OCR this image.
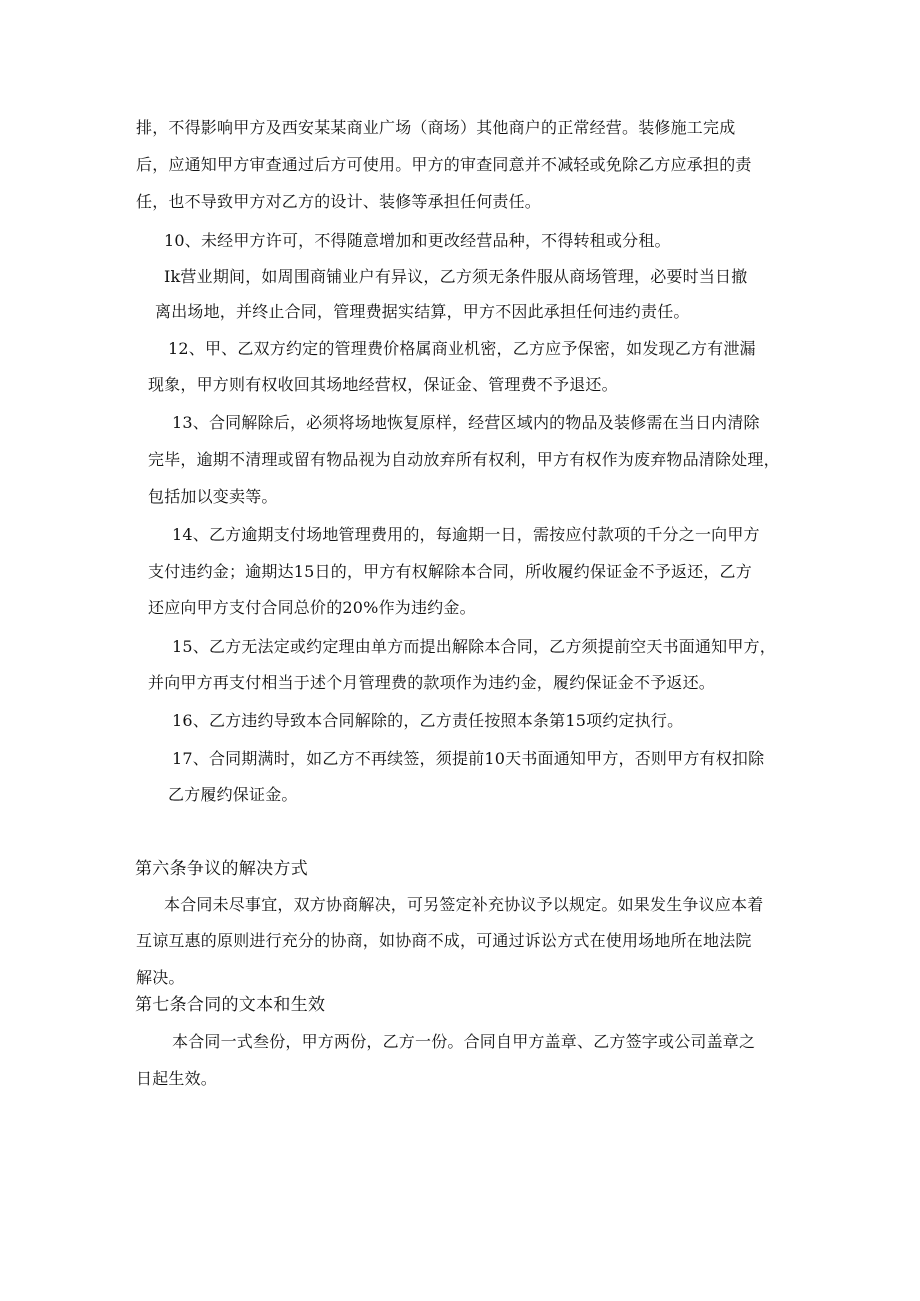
排，不得影响甲方及西安某某商业广场（商场）其他商户的正常经营。装修施工完成
后，应通知甲方审查通过后方可使用。甲方的审查同意并不减轻或免除乙方应承担的责
任，也不导致甲方对乙方的设计、装修等承担任何责任。
10、未经甲方许可，不得随意增加和更改经营品种，不得转租或分租。
Ik营业期间，如周围商铺业户有异议，乙方须无条件服从商场管理，必要时当日撤
离出场地，并终止合同，管理费据实结算，甲方不因此承担任何违约责任。
12、甲、乙双方约定的管理费价格属商业机密，乙方应予保密，如发现乙方有泄漏
现象，甲方则有权收回其场地经营权，保证金、管理费不予退还。
13、合同解除后，必须将场地恢复原样，经营区域内的物品及装修需在当日内清除
完毕，逾期不清理或留有物品视为自动放弃所有权利，甲方有权作为废弃物品清除处理，
包括加以变卖等。
14、乙方逾期支付场地管理费用的，每逾期一日，需按应付款项的千分之一向甲方
支付违约金；逾期达15日的，甲方有权解除本合同，所收履约保证金不予返还，乙方
还应向甲方支付合同总价的20%作为违约金。
15、乙方无法定或约定理由单方而提出解除本合同，乙方须提前空天书面通知甲方，
并向甲方再支付相当于述个月管理费的款项作为违约金，履约保证金不予返还。
16、乙方违约导致本合同解除的，乙方责任按照本条第15项约定执行。
17、合同期满时，如乙方不再续签，须提前10天书面通知甲方，否则甲方有权扣除
乙方履约保证金。
第六条争议的解决方式
本合同未尽事宜，双方协商解决，可另签定补充协议予以规定。如果发生争议应本着
互谅互惠的原则进行充分的协商，如协商不成，可通过诉讼方式在使用场地所在地法院
解决。
第七条合同的文本和生效
本合同一式叁份，甲方两份，乙方一份。合同自甲方盖章、乙方签字或公司盖章之
日起生效。
